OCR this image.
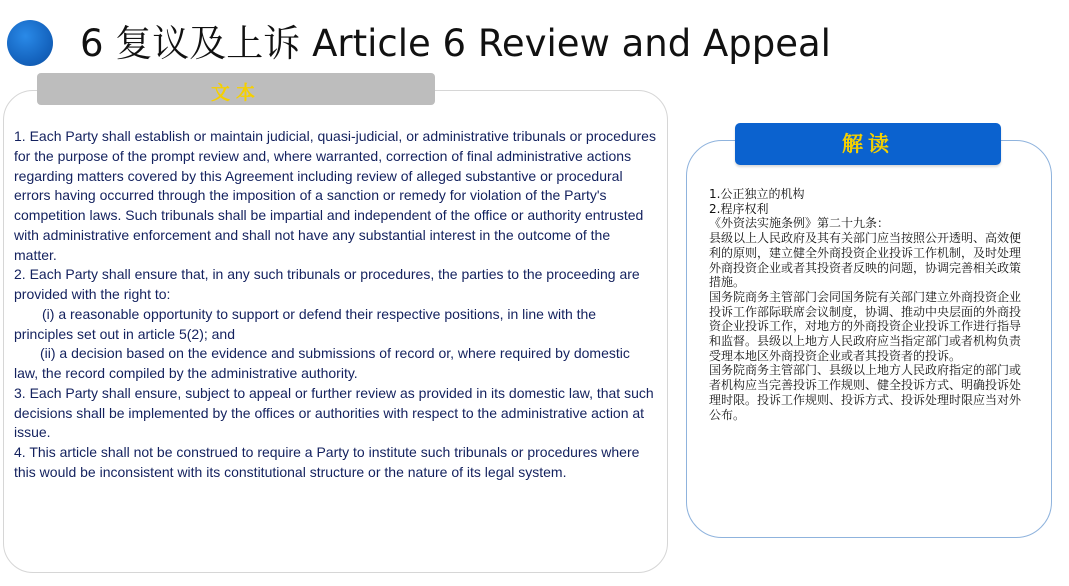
6 复议及上诉 Article 6 Review and Appeal
文本

1. Each Party shall establish or maintain judicial, quasi-judicial, or administrative tribunals or procedures for the purpose of the prompt review and, where warranted, correction of final administrative actions regarding matters covered by this Agreement including review of alleged substantive or procedural errors having occurred through the imposition of a sanction or remedy for violation of the Party's competition laws. Such tribunals shall be impartial and independent of the office or authority entrusted with administrative enforcement and shall not have any substantial interest in the outcome of the matter.

2. Each Party shall ensure that, in any such tribunals or procedures, the parties to the proceeding are provided with the right to:

(i) a reasonable opportunity to support or defend their respective positions, in line with the principles set out in article 5(2); and

(ii) a decision based on the evidence and submissions of record or, where required by domestic law, the record compiled by the administrative authority.

3. Each Party shall ensure, subject to appeal or further review as provided in its domestic law, that such decisions shall be implemented by the offices or authorities with respect to the administrative action at issue.

4. This article shall not be construed to require a Party to institute such tribunals or procedures where this would be inconsistent with its constitutional structure or the nature of its legal system.

解读

1.公正独立的机构

2.程序权利

《外资法实施条例》第二十九条：

县级以上人民政府及其有关部门应当按照公开透明、高效便利的原则，建立健全外商投资企业投诉工作机制，及时处理外商投资企业或者其投资者反映的问题，协调完善相关政策措施。

国务院商务主管部门会同国务院有关部门建立外商投资企业投诉工作部际联席会议制度，协调、推动中央层面的外商投资企业投诉工作，对地方的外商投资企业投诉工作进行指导和监督。县级以上地方人民政府应当指定部门或者机构负责受理本地区外商投资企业或者其投资者的投诉。

国务院商务主管部门、县级以上地方人民政府指定的部门或者机构应当完善投诉工作规则、健全投诉方式、明确投诉处理时限。投诉工作规则、投诉方式、投诉处理时限应当对外公布。
